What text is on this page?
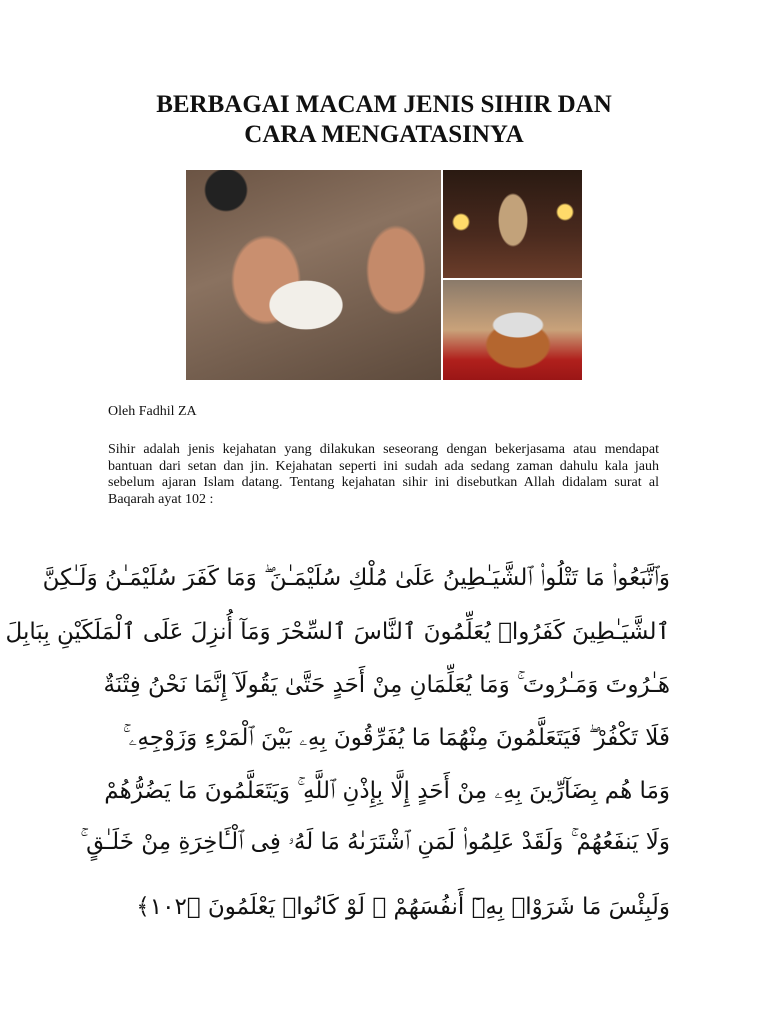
BERBAGAI MACAM JENIS SIHIR DAN
CARA MENGATASINYA
Oleh Fadhil ZA
Sihir adalah jenis kejahatan yang dilakukan seseorang dengan bekerjasama atau mendapat bantuan dari setan dan jin. Kejahatan seperti ini sudah ada sedang zaman dahulu kala jauh sebelum ajaran Islam datang. Tentang kejahatan sihir ini disebutkan Allah didalam surat al Baqarah ayat 102 :
وَٱتَّبَعُوا۟ مَا تَتْلُوا۟ ٱلشَّيَـٰطِينُ عَلَىٰ مُلْكِ سُلَيْمَـٰنَ ۖ وَمَا كَفَرَ سُلَيْمَـٰنُ وَلَـٰكِنَّ
ٱلشَّيَـٰطِينَ كَفَرُوا۟ يُعَلِّمُونَ ٱلنَّاسَ ٱلسِّحْرَ وَمَآ أُنزِلَ عَلَى ٱلْمَلَكَيْنِ بِبَابِلَ
هَـٰرُوتَ وَمَـٰرُوتَ ۚ وَمَا يُعَلِّمَانِ مِنْ أَحَدٍ حَتَّىٰ يَقُولَآ إِنَّمَا نَحْنُ فِتْنَةٌ
فَلَا تَكْفُرْ ۖ فَيَتَعَلَّمُونَ مِنْهُمَا مَا يُفَرِّقُونَ بِهِۦ بَيْنَ ٱلْمَرْءِ وَزَوْجِهِۦ ۚ
وَمَا هُم بِضَآرِّينَ بِهِۦ مِنْ أَحَدٍ إِلَّا بِإِذْنِ ٱللَّهِ ۚ وَيَتَعَلَّمُونَ مَا يَضُرُّهُمْ
وَلَا يَنفَعُهُمْ ۚ وَلَقَدْ عَلِمُوا۟ لَمَنِ ٱشْتَرَىٰهُ مَا لَهُۥ فِى ٱلْـَٔاخِرَةِ مِنْ خَلَـٰقٍ ۚ
وَلَبِئْسَ مَا شَرَوْا۟ بِهِۦٓ أَنفُسَهُمْ ۚ لَوْ كَانُوا۟ يَعْلَمُونَ ﴿١٠٢﴾
